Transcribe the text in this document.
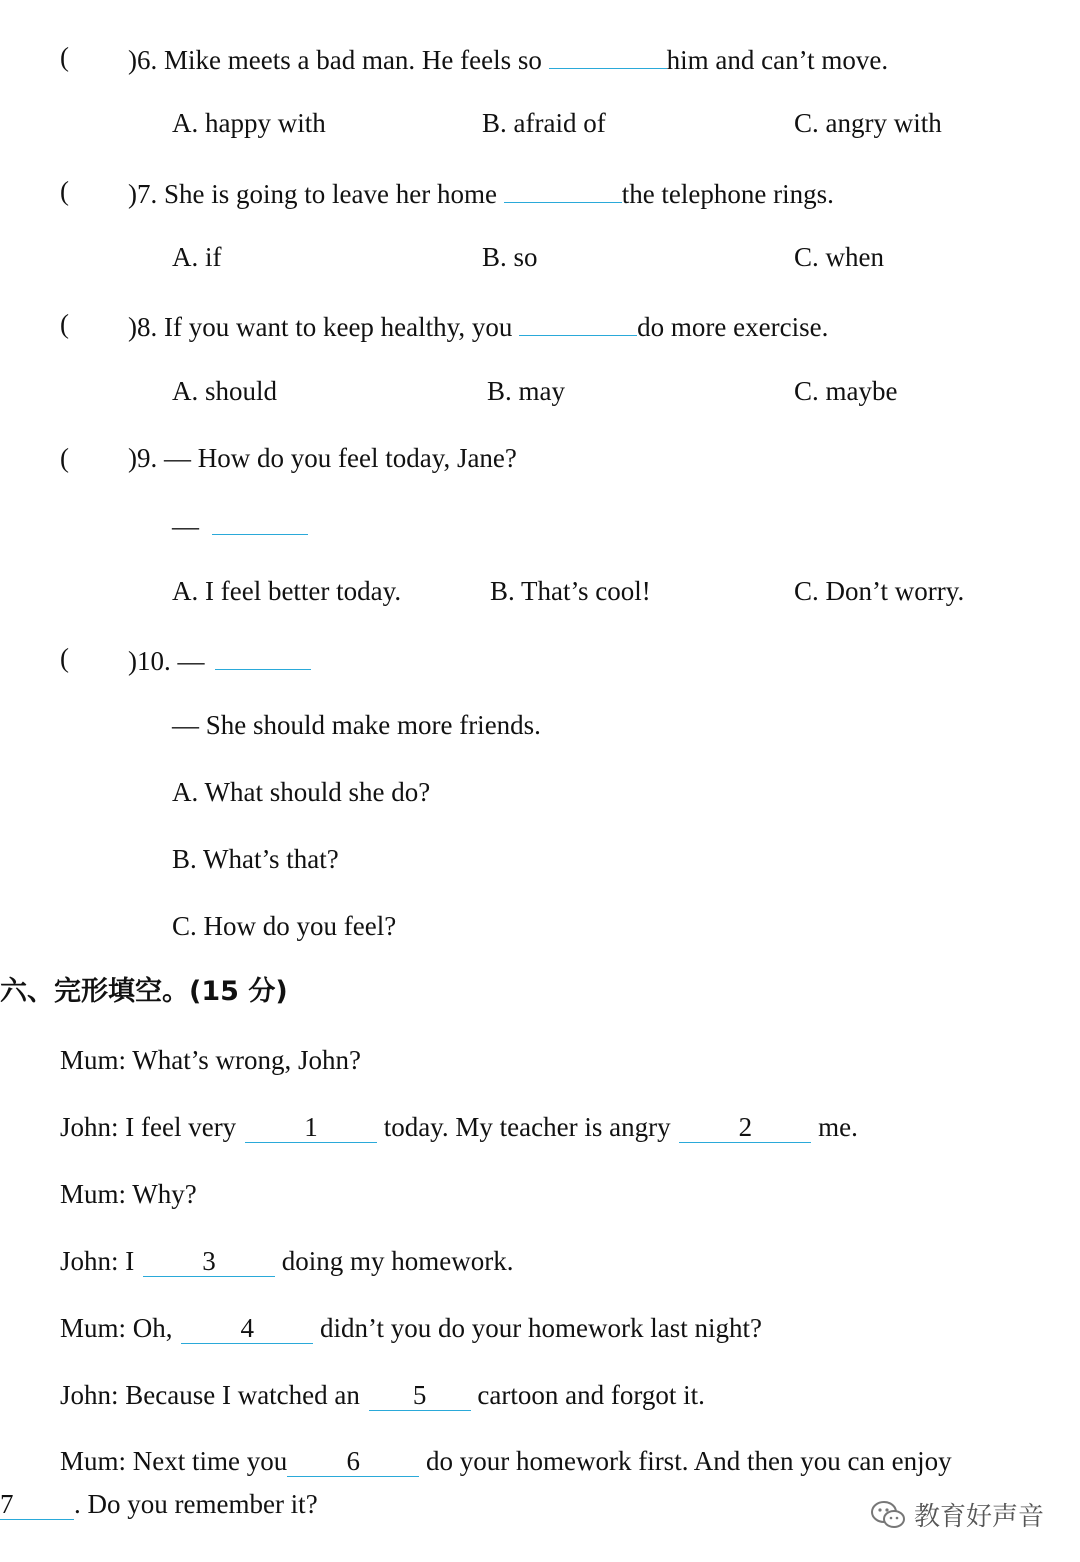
( )6. Mike meets a bad man. He feels so	him and can’t move.
A. happy with	B. afraid of	C. angry with
( )7. She is going to leave her home	the telephone rings.
A. if	B. so	C. when
( )8. If you want to keep healthy, you	do more exercise.
A. should	B. may	C. maybe
( )9. — How do you feel today, Jane?
—
A. I feel better today.	B. That’s cool!	C. Don’t worry.
( )10. —
— She should make more friends.
A. What should she do?
B. What’s that?
C. How do you feel?
六、完形填空。(15 分)
Mum: What’s wrong, John?
John: I feel very 1 today. My teacher is angry 2 me.
Mum: Why?
John: I 3 doing my homework.
Mum: Oh, 4 didn’t you do your homework last night?
John: Because I watched an 5 cartoon and forgot it.
Mum: Next time you 6 do your homework first. And then you can enjoy
7 . Do you remember it?	教育好声音
